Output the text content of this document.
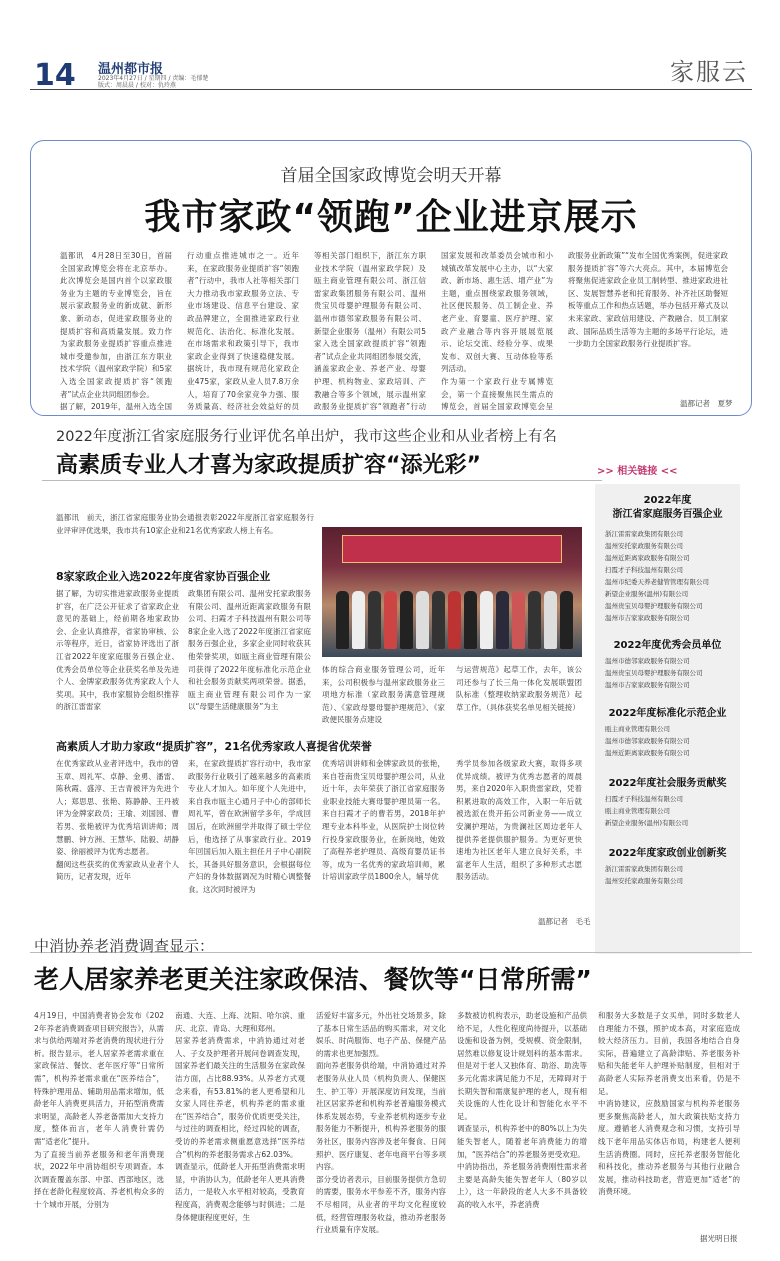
14 温州都市报
2023年4月27日 / 星期四 / 责编：毛郁楚
版式：周晨晨 / 校对：仇玲燕	家服云
首届全国家政博览会明天开幕
我市家政“领跑”企业进京展示
温都讯　4月28日至30日，首届全国家政博览会将在北京举办。此次博览会是国内首个以家政服务业为主题的专业博览会，旨在展示家政服务业的新成就、新形象、新动态，促进家政服务业的提质扩容和高质量发展。致力作为家政服务业提质扩容重点推进城市受邀参加，由浙江东方职业技术学院（温州家政学院）和5家入选全国家政提质扩容“领跑者”试点企业共同组团参会。
据了解，2019年，温州入选全国
行动重点推进城市之一。近年来，在家政服务业提质扩容“领跑者”行动中，我市人社等相关部门大力推动我市家政服务立法、专业市场建设、信息平台建设、家政品牌建立，全面推进家政行业规范化、法治化、标准化发展。在市场需求和政策引导下，我市家政企业得到了快速稳健发展。据统计，我市现有规范化家政企业475家，家政从业人员7.8万余人，培育了70余家竞争力强、服务质量高、经济社会效益好的员

等相关部门组织下，浙江东方职业技术学院（温州家政学院）及瓯主商业管理有限公司、浙江信雷家政集团服务有限公司、温州贵宝贝母婴护理服务有限公司、温州市德邻家政服务有限公司、新望企业服务（温州）有限公司5家入选全国家政提质扩容“领跑者”试点企业共同组团参展交流，涵盖家政企业、养老产业、母婴护理、机构物业、家政培训、产教融合等多个领域，展示温州家政服务业提质扩容“领跑者”行动

国家发展和改革委员会城市和小城镇改革发展中心主办，以“大家政、新市场、惠生活、增产业”为主题，重点围绕家政服务领域，社区便民服务、员工制企业、养老产业、育婴童、医疗护理、家政产业融合等内容开展展览展示、论坛交流、经验分享、成果发布、双创大赛、互动体验等系列活动。
作为第一个家政行业专属博览会，第一个直接聚焦民生需点的博览会，首届全国家政博览会呈
政服务业新政策”“发布全国优秀案例，促进家政服务提质扩容”等六大亮点。其中，本届博览会将聚焦促进家政企业员工制转型、推进家政进社区、发展智慧养老和托育服务、补齐社区助餐短板等重点工作和热点话题，举办包括开幕式及以未来家政、家政信用建设、产教融合、员工制家政、国际品质生活等为主题的多场平行论坛，进一步助力全国家政服务行业提质扩容。
温都记者　夏梦
2022年度浙江省家庭服务行业评优名单出炉，我市这些企业和从业者榜上有名
高素质专业人才喜为家政提质扩容“添光彩”
温都讯　前天，浙江省家庭服务业协会通报表彰2022年度浙江省家庭服务行业评审评优选果，我市共有10家企业和21名优秀家政人榜上有名。
8家家政企业入选2022年度省家协百强企业
据了解，为切实推进家政服务业提质扩容，在广泛公开征求了省家政企业意见的基础上，经前期各地家政协会、企业认真推荐，省家协审核、公示等程序，近日，省家协评选出了浙江省2022年度家庭服务百强企业、优秀会员单位等企业获奖名单及先进个人、金牌家政服务优秀家政人个人奖项。其中，我市家服协会组织推荐的浙江雷雷家
政集团有限公司、温州安托家政服务有限公司、温州近距离家政服务有限公司、扫霞才子科技温州有限公司等8家企业入选了2022年度浙江省家庭服务百强企业，多家企业同时收获其他荣誉奖项，如瓯主商业管理有限公司获得了2022年度标准化示范企业和社会服务贡献奖两项荣誉。据悉，瓯主商业管理有限公司作为一家以“母婴生活健康服务”为主
体的综合商业服务管理公司，近年来，公司积极参与温州家政服务业三项地方标准（家政服务满意管理规范）、《家政母婴母婴护理规范》、《家政便民服务点建设
与运营规范》起草工作，去年，该公司还参与了长三角一体化发展联盟团队标准（整理收纳家政服务规范）起草工作。（具体获奖名单见相关链接）
高素质人才助力家政“提质扩容”，21名优秀家政人喜提省优荣誉
在优秀家政从业者评选中，我市的曾玉章、周礼军、卓静、金勇、潘雷、陈秋霞、盛淳、王吉青被评为先进个人；郑思思、张艳、陈静静、王丹被评为金牌家政员；王瑜、刘国园、曹若男、张艳被评为优秀培训讲师；周慧鹏、钟方洲、王慧华、陆毅、胡静姿、徐丽被评为优秀志愿者。
翻阅这些获奖的优秀家政从业者个人简历，记者发现，近年
来，在家政提质扩容行动中，我市家政服务行业吸引了越来越多的高素质专业人才加入。如年度个人先进中，来自我市瓯主心通月子中心的部师长周礼军，曾在欧洲留学多年，学成回国后，在欧洲留学并取得了硕士学位后，他选择了从事家政行业。2019年回国后加入瓯主担任月子中心副院长，其备具好服务意识，会根据每位产妇的身体数据调况为时精心调整餐食。这次同时被评为
优秀培训讲师和金牌家政员的张艳，来自苍南贵宝贝母婴护理公司，从业近十年，去年荣获了浙江省家庭服务业职业技能大赛母婴护理员第一名。来自扫霞才子的曹若男，2018年护理专业本科毕业，从医院护士岗位转行投身家政服务业，在新岗地，她致了高程养老护理员、高级育婴员证书等，成为一名优秀的家政培训师，累计培训家政学员1800余人，辅导优
秀学员参加各级家政大赛，取得多项优异成绩。被评为优秀志愿者的周晨男，来自2020年入职贵雷家政，凭着积累进取的高效工作，入职一年后就被选派在贵开拓公司新业务——成立安澜护理站，为贵澜社区周边老年人提供养老提供服护服务。为更好更快速地为社区老年人建立良好关系，丰富老年人生活，组织了多种形式志愿服务活动。
温都记者　毛毛
>> 相关链接 <<
2022年度
浙江省家庭服务百强企业
浙江雷雷家政集团有限公司
温州安托家政服务有限公司
温州近距离家政服务有限公司
扫霞才子科技温州有限公司
温州市纪委天养老健管管理有限公司
新望企业服务(温州)有限公司
温州贵宝贝母婴护理服务有限公司
温州市吉家家政服务有限公司
2022年度优秀会员单位
温州市德邻家政服务有限公司
温州贵宝贝母婴护理服务有限公司
温州市吉家家政服务有限公司
2022年度标准化示范企业
瓯主商业管理有限公司
温州市德邻家政服务有限公司
温州近距离家政服务有限公司
2022年度社会服务贡献奖
扫霞才子科技温州有限公司
瓯主商业管理有限公司
新望企业服务(温州)有限公司
2022年度家政创业创新奖
浙江雷雷家政集团有限公司
温州安托家政服务有限公司
中消协养老消费调查显示：
老人居家养老更关注家政保洁、餐饮等“日常所需”
4月19日，中国消费者协会发布《2022年养老消费调查项目研究报告》，从需求与供给两端对养老消费的现状进行分析。报告显示，老人居家养老需求重在家政保洁、餐饮、老年医疗等“日常所需”，机构养老需求重在“医养结合”，特殊护理用品、辅助用品需求增加，低龄老年人消费更具活力，开拓型消费需求明显，高龄老人养老备需加大支持力度，整体而言，老年人消费针需仍需“适老化”提升。
为了直接当前养老服务和老年消费现状，2022年中消协组织专项调查。本次调查覆盖东部、中部、西部地区，选择在老龄化程度较高、养老机构众多的十个城市开展，分别为
南通、大连、上海、沈阳、哈尔滨、重庆、北京、青岛、大理和郑州。
居家养老消费需求，中消协通过对老人、子女及护理者开展问卷调查发现，国家养老们最关注的生活服务在家政保洁方面，占比88.93%。从养老方式观念来看，有53.81%的老人更希望和儿女家人同住养老，机构养老的需求重在“医养结合”，服务价优质更受关注，与过往的调查相比，经过四轮的调查，受访的养老需求侧重愿意选择“医养结合”机构的养老服务需求占62.03%。
调查显示，低龄老人开拓型消费需求明显，中消协认为，低龄老年人更具消费活力，一是收入水平相对较高，受教育程度高，消费观念能够与时俱进；二是身体健康程度更好，生
活爱好丰富多元，外出社交场景多，除了基本日常生活品的购买需求，对文化娱乐、时尚服饰、电子产品、保健产品的需求也更加强烈。
面向养老服务供给端，中消协通过对养老服务从业人员（机构负责人、保健医生、护工等）开展深度访问发现，当前社区居家养老和机构养老普遍服务模式体系发展态势，专业养老机构逐步专业服务能力不断提升，机构养老服务的服务社区，服务内容涉及老年餐食、日间照护、医疗康复、老年电商平台等多项内容。
部分受访者表示，目前服务提供方急切的需要，服务水平参差不齐，服务内容不尽相同，从业者的平均文化程度较低，经营管理服务收益，推动养老服务行业质量有序发展。
多数被访机构表示，助老设施和产品供给不足，人性化程度尚待提升，以基础设施和设备为例，受规模、资金限制，居然难以修复设计规划科的基本需求。但是对于老人又独体育、助浴、助洗等多元化需求满足能力不足，无障碍对于长期失智和需康复护理的老人，现有相关设施的人性化设计和智能化水平不足。
调查显示，机构养老中的80%以上为失能失智老人，随着老年消费能力的增加，“医养结合”的养老服务更受欢迎。
中消协指出，养老服务消费刚性需求者主要是高龄失能失智老年人（80岁以上），这一年龄段的老人大多不具备较高的收入水平，养老消费
和服务大多数是子女买单，同时多数老人自理能力不强，照护成本高，对家庭造成较大经济压力。目前，我国各地结合自身实际，普遍建立了高龄津贴、养老服务补贴和失能老年人护理补贴制度，但相对于高龄老人实际养老消费支出来看，仍是不足。
中消协建议，应鼓励国家与机构养老服务更多聚焦高龄老人，加大政策扶贴支持力度。遵循老人消费观念和习惯，支持引导线下老年用品实体店布局，构建老人便利生活消费圈。同时，应托养老服务智能化和科技化，推动养老服务与其他行业融合发展，推动科技助老，营造更加“适老”的消费环境。
据光明日报
